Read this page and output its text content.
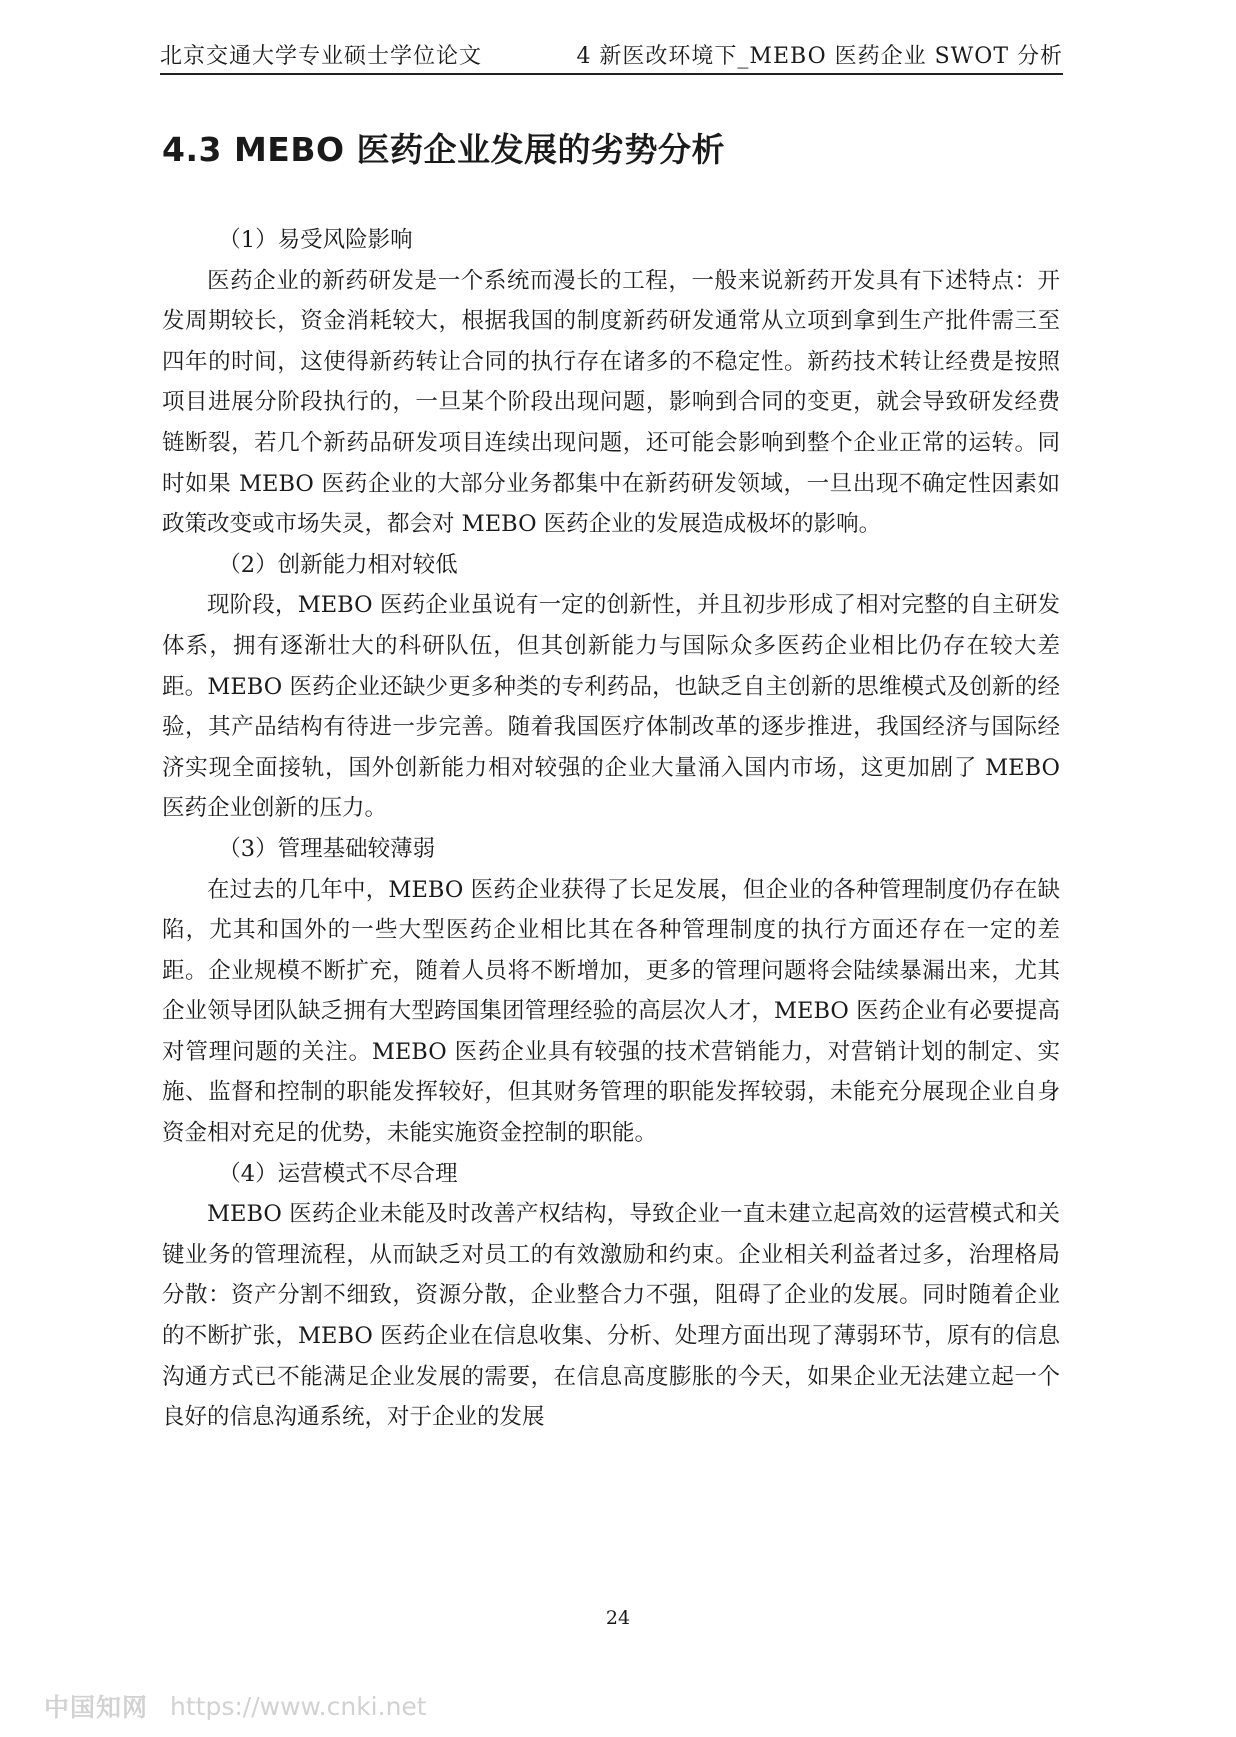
北京交通大学专业硕士学位论文	4 新医改环境下_MEBO 医药企业 SWOT 分析
4.3 MEBO 医药企业发展的劣势分析

（1）易受风险影响

医药企业的新药研发是一个系统而漫长的工程，一般来说新药开发具有下述特点：开发周期较长，资金消耗较大，根据我国的制度新药研发通常从立项到拿到生产批件需三至四年的时间，这使得新药转让合同的执行存在诸多的不稳定性。新药技术转让经费是按照项目进展分阶段执行的，一旦某个阶段出现问题，影响到合同的变更，就会导致研发经费链断裂，若几个新药品研发项目连续出现问题，还可能会影响到整个企业正常的运转。同时如果 MEBO 医药企业的大部分业务都集中在新药研发领域，一旦出现不确定性因素如政策改变或市场失灵，都会对 MEBO 医药企业的发展造成极坏的影响。

（2）创新能力相对较低

现阶段，MEBO 医药企业虽说有一定的创新性，并且初步形成了相对完整的自主研发体系，拥有逐渐壮大的科研队伍，但其创新能力与国际众多医药企业相比仍存在较大差距。MEBO 医药企业还缺少更多种类的专利药品，也缺乏自主创新的思维模式及创新的经验，其产品结构有待进一步完善。随着我国医疗体制改革的逐步推进，我国经济与国际经济实现全面接轨，国外创新能力相对较强的企业大量涌入国内市场，这更加剧了 MEBO 医药企业创新的压力。

（3）管理基础较薄弱

在过去的几年中，MEBO 医药企业获得了长足发展，但企业的各种管理制度仍存在缺陷，尤其和国外的一些大型医药企业相比其在各种管理制度的执行方面还存在一定的差距。企业规模不断扩充，随着人员将不断增加，更多的管理问题将会陆续暴漏出来，尤其企业领导团队缺乏拥有大型跨国集团管理经验的高层次人才，MEBO 医药企业有必要提高对管理问题的关注。MEBO 医药企业具有较强的技术营销能力，对营销计划的制定、实施、监督和控制的职能发挥较好，但其财务管理的职能发挥较弱，未能充分展现企业自身资金相对充足的优势，未能实施资金控制的职能。

（4）运营模式不尽合理

MEBO 医药企业未能及时改善产权结构，导致企业一直未建立起高效的运营模式和关键业务的管理流程，从而缺乏对员工的有效激励和约束。企业相关利益者过多，治理格局分散：资产分割不细致，资源分散，企业整合力不强，阻碍了企业的发展。同时随着企业的不断扩张，MEBO 医药企业在信息收集、分析、处理方面出现了薄弱环节，原有的信息沟通方式已不能满足企业发展的需要，在信息高度膨胀的今天，如果企业无法建立起一个良好的信息沟通系统，对于企业的发展

24
中国知网 https://www.cnki.net
